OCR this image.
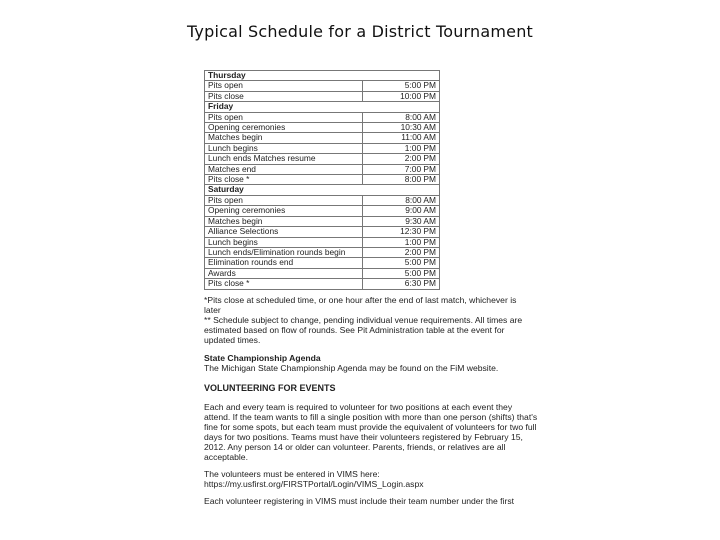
Typical Schedule for a District Tournament
Thursday	
Pits open	5:00 PM
Pits close	10:00 PM
Friday	
Pits open	8:00 AM
Opening ceremonies	10:30 AM
Matches begin	11:00 AM
Lunch begins	1:00 PM
Lunch ends Matches resume	2:00 PM
Matches end	7:00 PM
Pits close *	8:00 PM
Saturday	
Pits open	8:00 AM
Opening ceremonies	9:00 AM
Matches begin	9:30 AM
Alliance Selections	12:30 PM
Lunch begins	1:00 PM
Lunch ends/Elimination rounds begin	2:00 PM
Elimination rounds end	5:00 PM
Awards	5:00 PM
Pits close *	6:30 PM

*Pits close at scheduled time, or one hour after the end of last match, whichever is later

** Schedule subject to change, pending individual venue requirements. All times are estimated based on flow of rounds. See Pit Administration table at the event for updated times.

State Championship Agenda
The Michigan State Championship Agenda may be found on the FiM website.
VOLUNTEERING FOR EVENTS
Each and every team is required to volunteer for two positions at each event they attend. If the team wants to fill a single position with more than one person (shifts) that's fine for some spots, but each team must provide the equivalent of volunteers for two full days for two positions. Teams must have their volunteers registered by February 15, 2012. Any person 14 or older can volunteer. Parents, friends, or relatives are all acceptable.
The volunteers must be entered in VIMS here:
https://my.usfirst.org/FIRSTPortal/Login/VIMS_Login.aspx
Each volunteer registering in VIMS must include their team number under the first
